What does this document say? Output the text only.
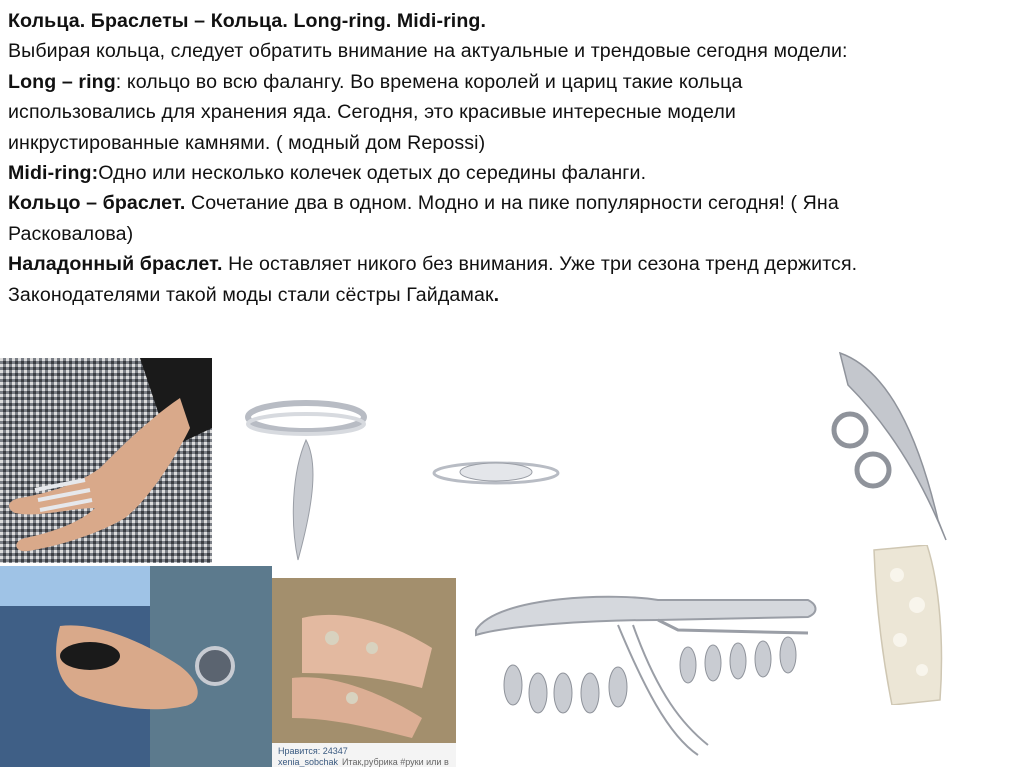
Кольца. Браслеты – Кольца. Long-ring. Midi-ring.
Выбирая кольца, следует обратить внимание на актуальные и трендовые сегодня модели:
Long – ring: кольцо во всю фалангу. Во времена королей и цариц такие кольца
использовались для хранения яда. Сегодня, это красивые интересные модели
инкрустированные камнями. ( модный дом Repossi)
Midi-ring:Одно или несколько колечек одетых до середины фаланги.
Кольцо – браслет. Сочетание два в одном. Модно и на пике популярности сегодня! ( Яна
Расковалова)
Наладонный браслет. Не оставляет никого без внимания. Уже три сезона тренд держится.
Законодателями такой моды стали сёстры Гайдамак.
Нравится: 24347
xenia_sobchak Итак,рубрика #руки или в
